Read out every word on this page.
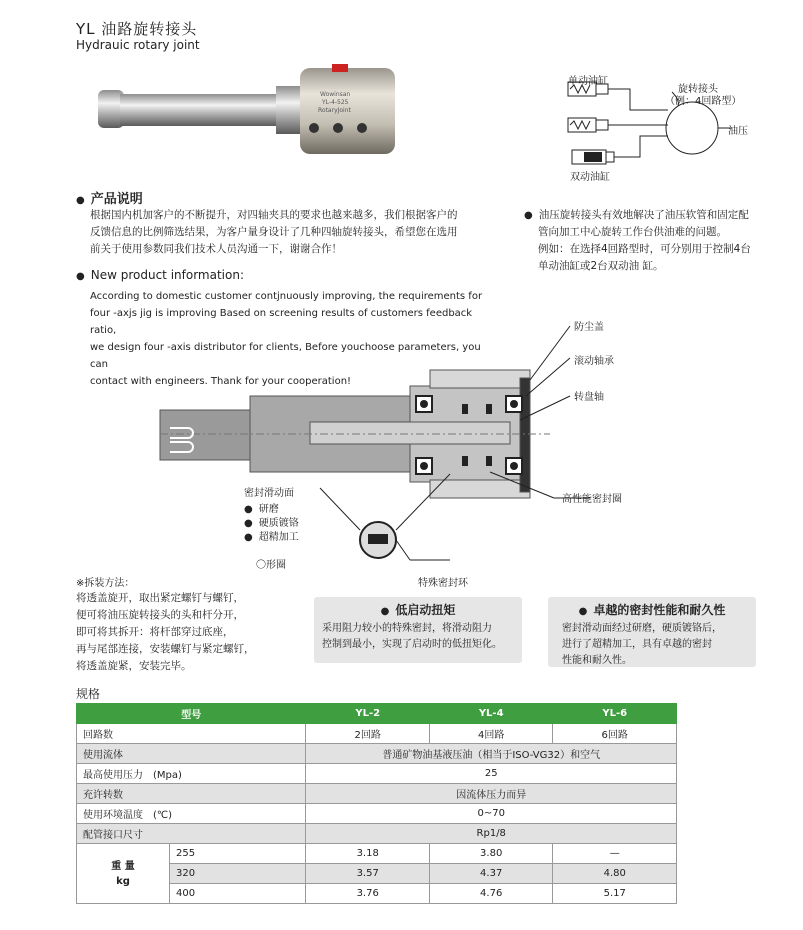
YL 油路旋转接头
Hydrauic rotary joint
Wowinsan
YL-4-525
RotaryJoint
单动油缸
旋转接头
（例：4回路型）
油压
双动油缸
● 产品说明
根据国内机加客户的不断提升，对四轴夹具的要求也越来越多，我们根据客户的
反馈信息的比例筛选结果，为客户量身设计了几种四轴旋转接头，希望您在选用
前关于使用参数同我们技术人员沟通一下，谢谢合作！
● 油压旋转接头有效地解决了油压软管和固定配
管向加工中心旋转工作台供油难的问题。
例如：在选择4回路型时，可分别用于控制4台
单动油缸或2台双动油 缸。
● New product information:
According to domestic customer contjnuously improving, the requirements for
four -axjs jig is improving Based on screening results of customers feedback ratio,
we design four -axis distributor for clients, Before youchoose parameters, you can
contact with engineers. Thank for your cooperation!
防尘盖
滚动轴承
转盘轴
高性能密封圈
密封滑动面
● 研磨
● 硬质镀铬
● 超精加工
〇形圈
特殊密封环
※拆装方法：
将透盖旋开，取出紧定螺钉与螺钉，
便可将油压旋转接头的头和杆分开，
即可将其拆开：将杆部穿过底座，
再与尾部连接，安装螺钉与紧定螺钉，
将透盖旋紧，安装完毕。
● 低启动扭矩
采用阻力较小的特殊密封，将滑动阻力
控制到最小，实现了启动时的低扭矩化。
● 卓越的密封性能和耐久性
密封滑动面经过研磨，硬质镀铬后，
进行了超精加工，具有卓越的密封
性能和耐久性。
规格
型号		YL-2	YL-4	YL-6
回路数		2回路	4回路	6回路
使用流体		普通矿物油基液压油（相当于ISO-VG32）和空气		
最高使用压力　(Mpa)		25		
充许转数		因流体压力而异		
使用环境温度　(℃)		0~70		
配管接口尺寸		Rp1/8		

重 量
kg	255	3.18	3.80	—
	320	3.57	4.37	4.80
	400	3.76	4.76	5.17
